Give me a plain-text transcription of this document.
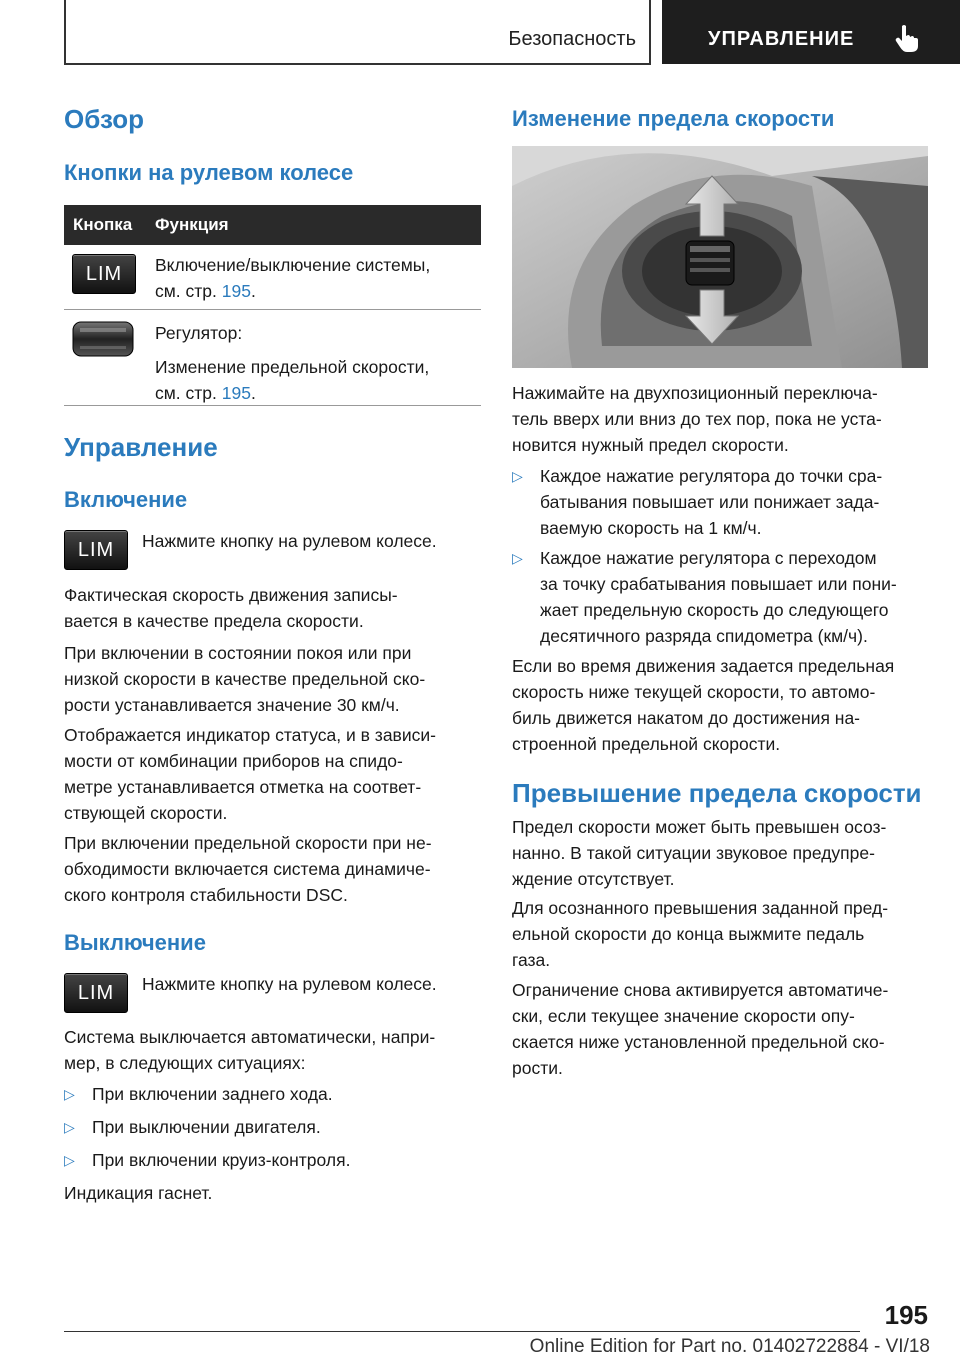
Безопасность	УПРАВЛЕНИЕ
Обзор
Кнопки на рулевом колесе
Кнопка Функция
LIM	Включение/выключение системы,
см. стр. 195.
Регулятор:
Изменение предельной скорости,
см. стр. 195.
Управление
Включение
LIM	Нажмите кнопку на рулевом колесе.
Фактическая скорость движения записы-
вается в качестве предела скорости.
При включении в состоянии покоя или при
низкой скорости в качестве предельной ско-
рости устанавливается значение 30 км/ч.
Отображается индикатор статуса, и в зависи-
мости от комбинации приборов на спидо-
метре устанавливается отметка на соответ-
ствующей скорости.
При включении предельной скорости при не-
обходимости включается система динамиче-
ского контроля стабильности DSC.
Выключение
LIM	Нажмите кнопку на рулевом колесе.
Система выключается автоматически, напри-
мер, в следующих ситуациях:
▷ При включении заднего хода.
▷ При выключении двигателя.
▷ При включении круиз-контроля.
Индикация гаснет.
Изменение предела скорости
Нажимайте на двухпозиционный переключа-
тель вверх или вниз до тех пор, пока не уста-
новится нужный предел скорости.
▷ Каждое нажатие регулятора до точки сра-
батывания повышает или понижает зада-
ваемую скорость на 1 км/ч.
▷ Каждое нажатие регулятора с переходом
за точку срабатывания повышает или пони-
жает предельную скорость до следующего
десятичного разряда спидометра (км/ч).
Если во время движения задается предельная
скорость ниже текущей скорости, то автомо-
биль движется накатом до достижения на-
строенной предельной скорости.
Превышение предела скорости
Предел скорости может быть превышен осоз-
нанно. В такой ситуации звуковое предупре-
ждение отсутствует.
Для осознанного превышения заданной пред-
ельной скорости до конца выжмите педаль
газа.
Ограничение снова активируется автоматиче-
ски, если текущее значение скорости опу-
скается ниже установленной предельной ско-
рости.
195
Online Edition for Part no. 01402722884 - VI/18
